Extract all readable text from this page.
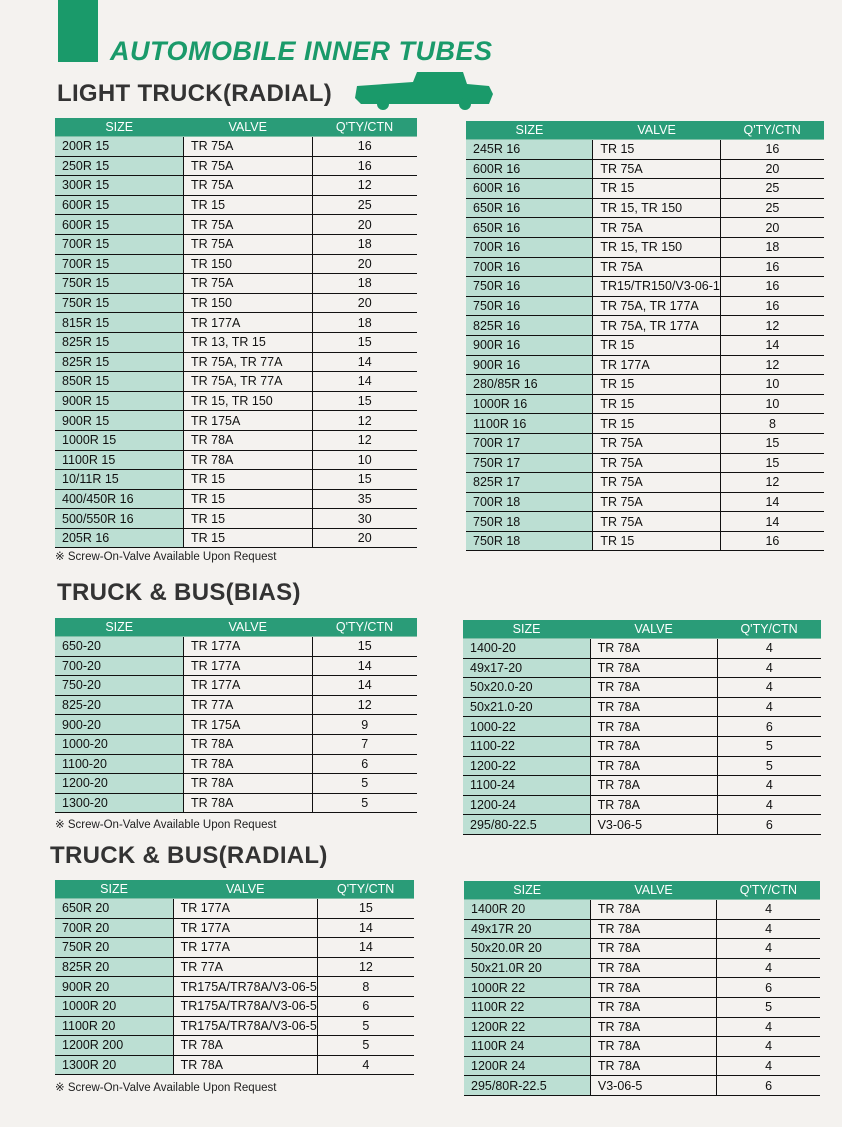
AUTOMOBILE INNER TUBES
LIGHT TRUCK(RADIAL)
SIZE	VALVE	Q'TY/CTN
200R 15	TR 75A	16
250R 15	TR 75A	16
300R 15	TR 75A	12
600R 15	TR 15	25
600R 15	TR 75A	20
700R 15	TR 75A	18
700R 15	TR 150	20
750R 15	TR 75A	18
750R 15	TR 150	20
815R 15	TR 177A	18
825R 15	TR 13, TR 15	15
825R 15	TR 75A, TR 77A	14
850R 15	TR 75A, TR 77A	14
900R 15	TR 15, TR 150	15
900R 15	TR 175A	12
1000R 15	TR 78A	12
1100R 15	TR 78A	10
10/11R 15	TR 15	15
400/450R 16	TR 15	35
500/550R 16	TR 15	30
205R 16	TR 15	20
SIZE	VALVE	Q'TY/CTN
245R 16	TR 15	16
600R 16	TR 75A	20
600R 16	TR 15	25
650R 16	TR 15, TR 150	25
650R 16	TR 75A	20
700R 16	TR 15, TR 150	18
700R 16	TR 75A	16
750R 16	TR15/TR150/V3-06-1	16
750R 16	TR 75A, TR 177A	16
825R 16	TR 75A, TR 177A	12
900R 16	TR 15	14
900R 16	TR 177A	12
280/85R 16	TR 15	10
1000R 16	TR 15	10
1100R 16	TR 15	8
700R 17	TR 75A	15
750R 17	TR 75A	15
825R 17	TR 75A	12
700R 18	TR 75A	14
750R 18	TR 75A	14
750R 18	TR 15	16
※ Screw-On-Valve Available Upon Request
TRUCK & BUS(BIAS)
SIZE	VALVE	Q'TY/CTN
650-20	TR 177A	15
700-20	TR 177A	14
750-20	TR 177A	14
825-20	TR 77A	12
900-20	TR 175A	9
1000-20	TR 78A	7
1100-20	TR 78A	6
1200-20	TR 78A	5
1300-20	TR 78A	5
SIZE	VALVE	Q'TY/CTN
1400-20	TR 78A	4
49x17-20	TR 78A	4
50x20.0-20	TR 78A	4
50x21.0-20	TR 78A	4
1000-22	TR 78A	6
1100-22	TR 78A	5
1200-22	TR 78A	5
1100-24	TR 78A	4
1200-24	TR 78A	4
295/80-22.5	V3-06-5	6
※ Screw-On-Valve Available Upon Request
TRUCK & BUS(RADIAL)
SIZE	VALVE	Q'TY/CTN
650R 20	TR 177A	15
700R 20	TR 177A	14
750R 20	TR 177A	14
825R 20	TR 77A	12
900R 20	TR175A/TR78A/V3-06-5	8
1000R 20	TR175A/TR78A/V3-06-5	6
1100R 20	TR175A/TR78A/V3-06-5	5
1200R 200	TR 78A	5
1300R 20	TR 78A	4
SIZE	VALVE	Q'TY/CTN
1400R 20	TR 78A	4
49x17R 20	TR 78A	4
50x20.0R 20	TR 78A	4
50x21.0R 20	TR 78A	4
1000R 22	TR 78A	6
1100R 22	TR 78A	5
1200R 22	TR 78A	4
1100R 24	TR 78A	4
1200R 24	TR 78A	4
295/80R-22.5	V3-06-5	6
※ Screw-On-Valve Available Upon Request
